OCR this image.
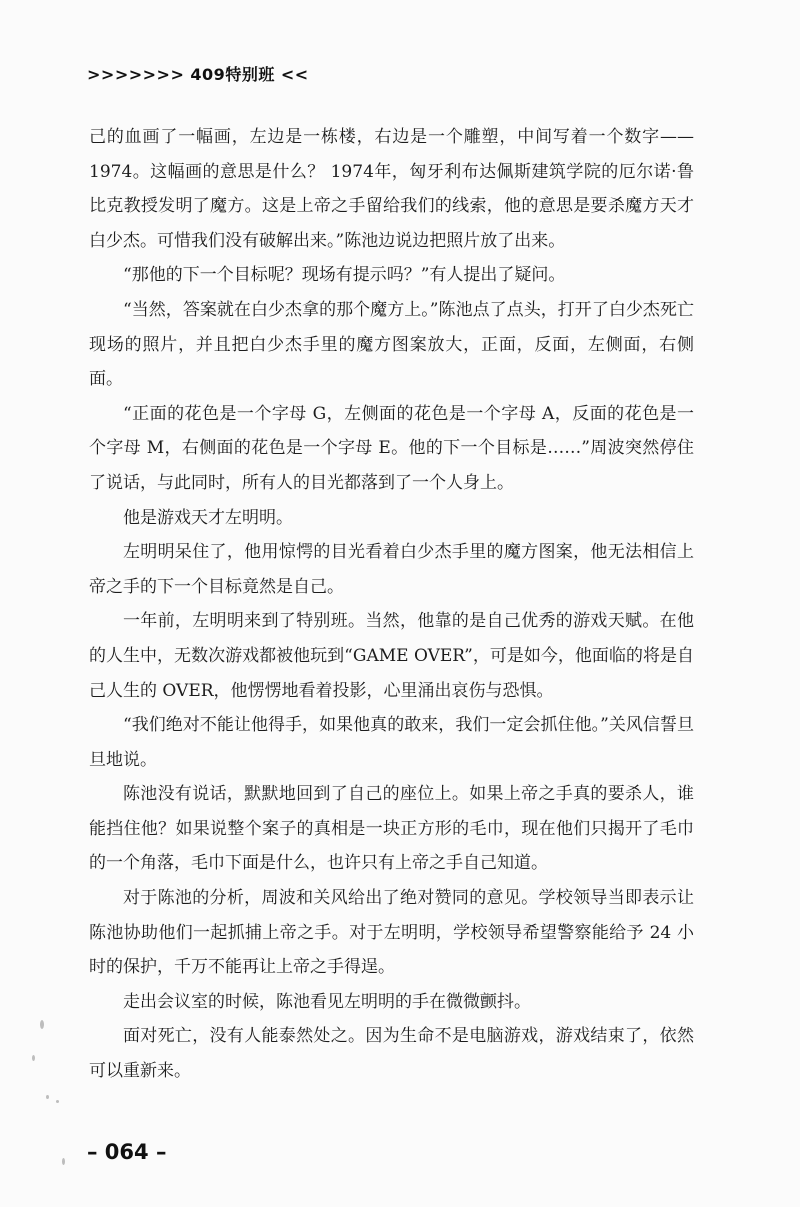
>>>>>>> 409特别班 <<

己的血画了一幅画，左边是一栋楼，右边是一个雕塑，中间写着一个数字——1974。这幅画的意思是什么？ 1974年，匈牙利布达佩斯建筑学院的厄尔诺·鲁比克教授发明了魔方。这是上帝之手留给我们的线索，他的意思是要杀魔方天才白少杰。可惜我们没有破解出来。”陈池边说边把照片放了出来。

“那他的下一个目标呢？现场有提示吗？”有人提出了疑问。

“当然，答案就在白少杰拿的那个魔方上。”陈池点了点头，打开了白少杰死亡现场的照片，并且把白少杰手里的魔方图案放大，正面，反面，左侧面，右侧面。

“正面的花色是一个字母 G，左侧面的花色是一个字母 A，反面的花色是一个字母 M，右侧面的花色是一个字母 E。他的下一个目标是……”周波突然停住了说话，与此同时，所有人的目光都落到了一个人身上。

他是游戏天才左明明。

左明明呆住了，他用惊愕的目光看着白少杰手里的魔方图案，他无法相信上帝之手的下一个目标竟然是自己。

一年前，左明明来到了特别班。当然，他靠的是自己优秀的游戏天赋。在他的人生中，无数次游戏都被他玩到“GAME OVER”，可是如今，他面临的将是自己人生的 OVER，他愣愣地看着投影，心里涌出哀伤与恐惧。

“我们绝对不能让他得手，如果他真的敢来，我们一定会抓住他。”关风信誓旦旦地说。

陈池没有说话，默默地回到了自己的座位上。如果上帝之手真的要杀人，谁能挡住他？如果说整个案子的真相是一块正方形的毛巾，现在他们只揭开了毛巾的一个角落，毛巾下面是什么，也许只有上帝之手自己知道。

对于陈池的分析，周波和关风给出了绝对赞同的意见。学校领导当即表示让陈池协助他们一起抓捕上帝之手。对于左明明，学校领导希望警察能给予 24 小时的保护，千万不能再让上帝之手得逞。

走出会议室的时候，陈池看见左明明的手在微微颤抖。

面对死亡，没有人能泰然处之。因为生命不是电脑游戏，游戏结束了，依然可以重新来。

– 064 –
